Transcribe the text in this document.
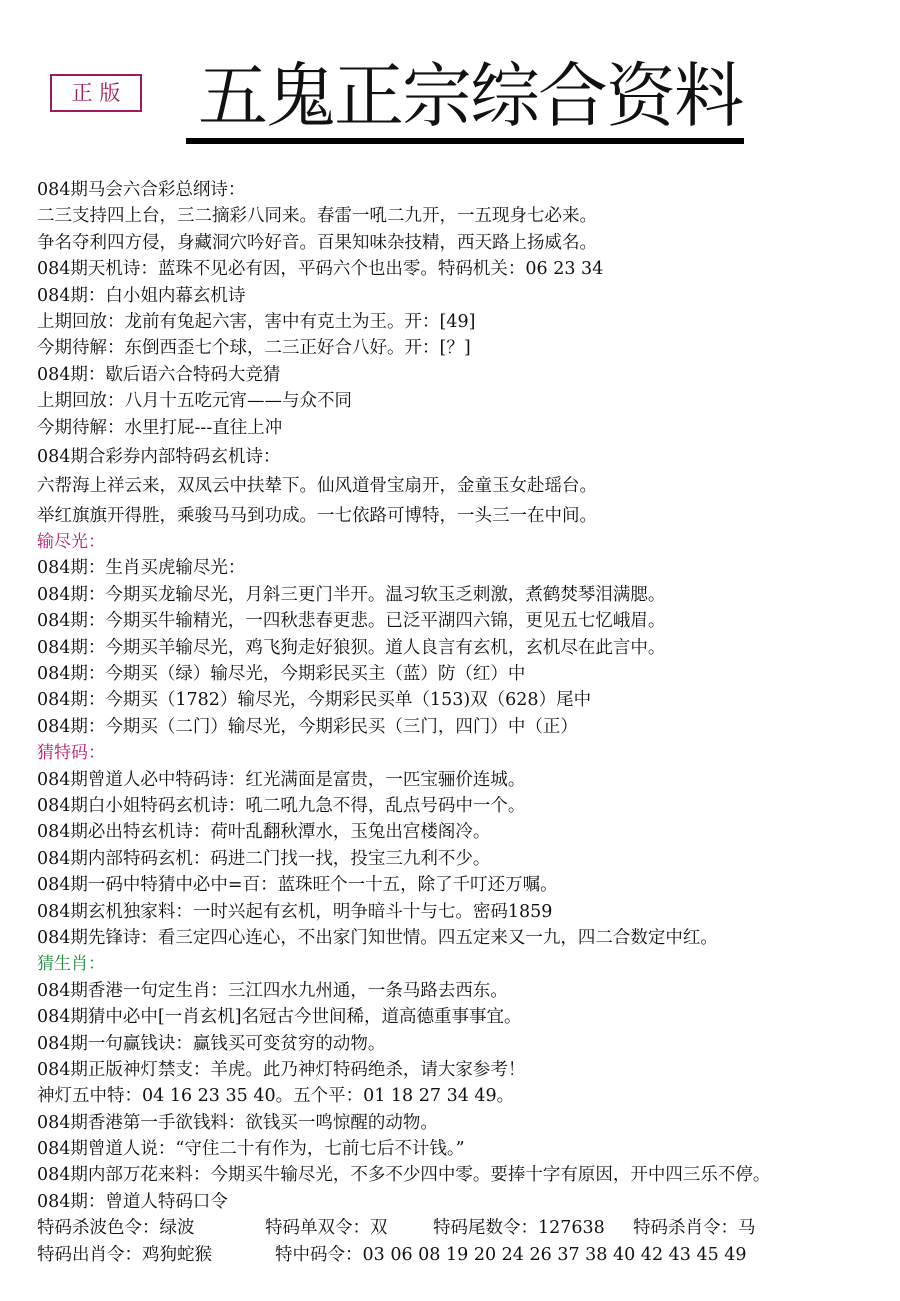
正 版	五鬼正宗综合资料
084期马会六合彩总纲诗：
二三支持四上台，三二摘彩八同来。春雷一吼二九开，一五现身七必来。
争名夺利四方侵，身藏洞穴吟好音。百果知味杂技精，西天路上扬威名。
084期天机诗：蓝珠不见必有因，平码六个也出零。特码机关：06 23 34
084期：白小姐内幕玄机诗
上期回放：龙前有兔起六害，害中有克土为王。开：[49]
今期待解：东倒西歪七个球，二三正好合八好。开：[？]
084期：歇后语六合特码大竞猜
上期回放：八月十五吃元宵——与众不同
今期待解：水里打屁---直往上冲
084期合彩券内部特码玄机诗：
六帮海上祥云来，双凤云中扶辇下。仙风道骨宝扇开，金童玉女赴瑶台。
举红旗旗开得胜，乘骏马马到功成。一七依路可博特，一头三一在中间。
输尽光：
084期：生肖买虎输尽光：
084期：今期买龙输尽光，月斜三更门半开。温习软玉乏刺激，煮鹤焚琴泪满腮。
084期：今期买牛输精光，一四秋悲春更悲。已泛平湖四六锦，更见五七忆峨眉。
084期：今期买羊输尽光，鸡飞狗走好狼狈。道人良言有玄机，玄机尽在此言中。
084期：今期买（绿）输尽光，今期彩民买主（蓝）防（红）中
084期：今期买（1782）输尽光，今期彩民买单（153)双（628）尾中
084期：今期买（二门）输尽光，今期彩民买（三门，四门）中（正）
猜特码：
084期曾道人必中特码诗：红光满面是富贵，一匹宝骊价连城。
084期白小姐特码玄机诗：吼二吼九急不得，乱点号码中一个。
084期必出特玄机诗：荷叶乱翻秋潭水，玉兔出宫楼阁冷。
084期内部特码玄机：码进二门找一找，投宝三九利不少。
084期一码中特猜中必中=百：蓝珠旺个一十五，除了千叮还万嘱。
084期玄机独家料：一时兴起有玄机，明争暗斗十与七。密码1859
084期先锋诗：看三定四心连心，不出家门知世情。四五定来又一九，四二合数定中红。
猜生肖：
084期香港一句定生肖：三江四水九州通，一条马路去西东。
084期猜中必中[一肖玄机]名冠古今世间稀，道高德重事事宜。
084期一句赢钱诀：赢钱买可变贫穷的动物。
084期正版神灯禁支：羊虎。此乃神灯特码绝杀，请大家参考！
神灯五中特：04 16 23 35 40。五个平：01 18 27 34 49。
084期香港第一手欲钱料：欲钱买一鸣惊醒的动物。
084期曾道人说：“守住二十有作为，七前七后不计钱。”
084期内部万花来料：今期买牛输尽光，不多不少四中零。要捧十字有原因，开中四三乐不停。
084期：曾道人特码口令
特码杀波色令：绿波	特码单双令：双	特码尾数令：127638 特码杀肖令：马
特码出肖令：鸡狗蛇猴	特中码令：03 06 08 19 20 24 26 37 38 40 42 43 45 49
